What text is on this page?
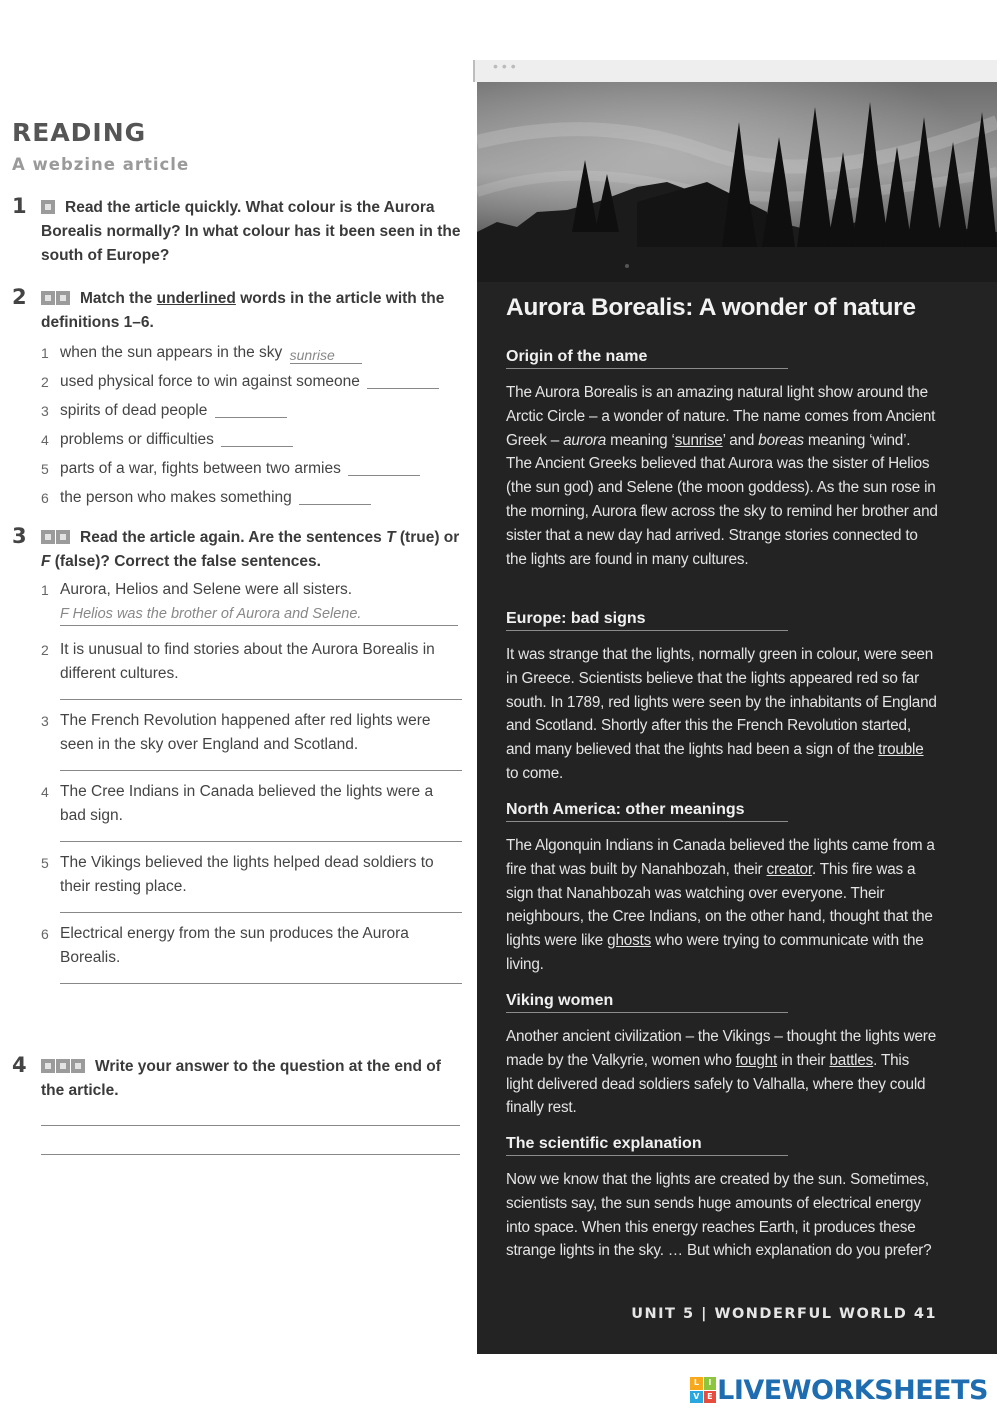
READING
A webzine article
1	Read the article quickly. What colour is the Aurora Borealis normally? In what colour has it been seen in the south of Europe?
2	Match the underlined words in the article with the definitions 1–6.
1 when the sun appears in the sky sunrise
2 used physical force to win against someone
3 spirits of dead people
4 problems or difficulties
5 parts of a war, fights between two armies
6 the person who makes something
3	Read the article again. Are the sentences T (true) or F (false)? Correct the false sentences.
1 Aurora, Helios and Selene were all sisters.
F Helios was the brother of Aurora and Selene.
2 It is unusual to find stories about the Aurora Borealis in different cultures.
3 The French Revolution happened after red lights were seen in the sky over England and Scotland.
4 The Cree Indians in Canada believed the lights were a bad sign.
5 The Vikings believed the lights helped dead soldiers to their resting place.
6 Electrical energy from the sun produces the Aurora Borealis.
4	Write your answer to the question at the end of the article.
•••
Aurora Borealis: A wonder of nature
Origin of the name
The Aurora Borealis is an amazing natural light show around the Arctic Circle – a wonder of nature. The name comes from Ancient Greek – aurora meaning ‘sunrise’ and boreas meaning ‘wind’. The Ancient Greeks believed that Aurora was the sister of Helios (the sun god) and Selene (the moon goddess). As the sun rose in the morning, Aurora flew across the sky to remind her brother and sister that a new day had arrived. Strange stories connected to the lights are found in many cultures.
Europe: bad signs
It was strange that the lights, normally green in colour, were seen in Greece. Scientists believe that the lights appeared red so far south. In 1789, red lights were seen by the inhabitants of England and Scotland. Shortly after this the French Revolution started, and many believed that the lights had been a sign of the trouble to come.
North America: other meanings
The Algonquin Indians in Canada believed the lights came from a fire that was built by Nanahbozah, their creator. This fire was a sign that Nanahbozah was watching over everyone. Their neighbours, the Cree Indians, on the other hand, thought that the lights were like ghosts who were trying to communicate with the living.
Viking women
Another ancient civilization – the Vikings – thought the lights were made by the Valkyrie, women who fought in their battles. This light delivered dead soldiers safely to Valhalla, where they could finally rest.
The scientific explanation
Now we know that the lights are created by the sun. Sometimes, scientists say, the sun sends huge amounts of electrical energy into space. When this energy reaches Earth, it produces these strange lights in the sky. … But which explanation do you prefer?
UNIT 5 | WONDERFUL WORLD 41
L	I
V E LIVEWORKSHEETS
